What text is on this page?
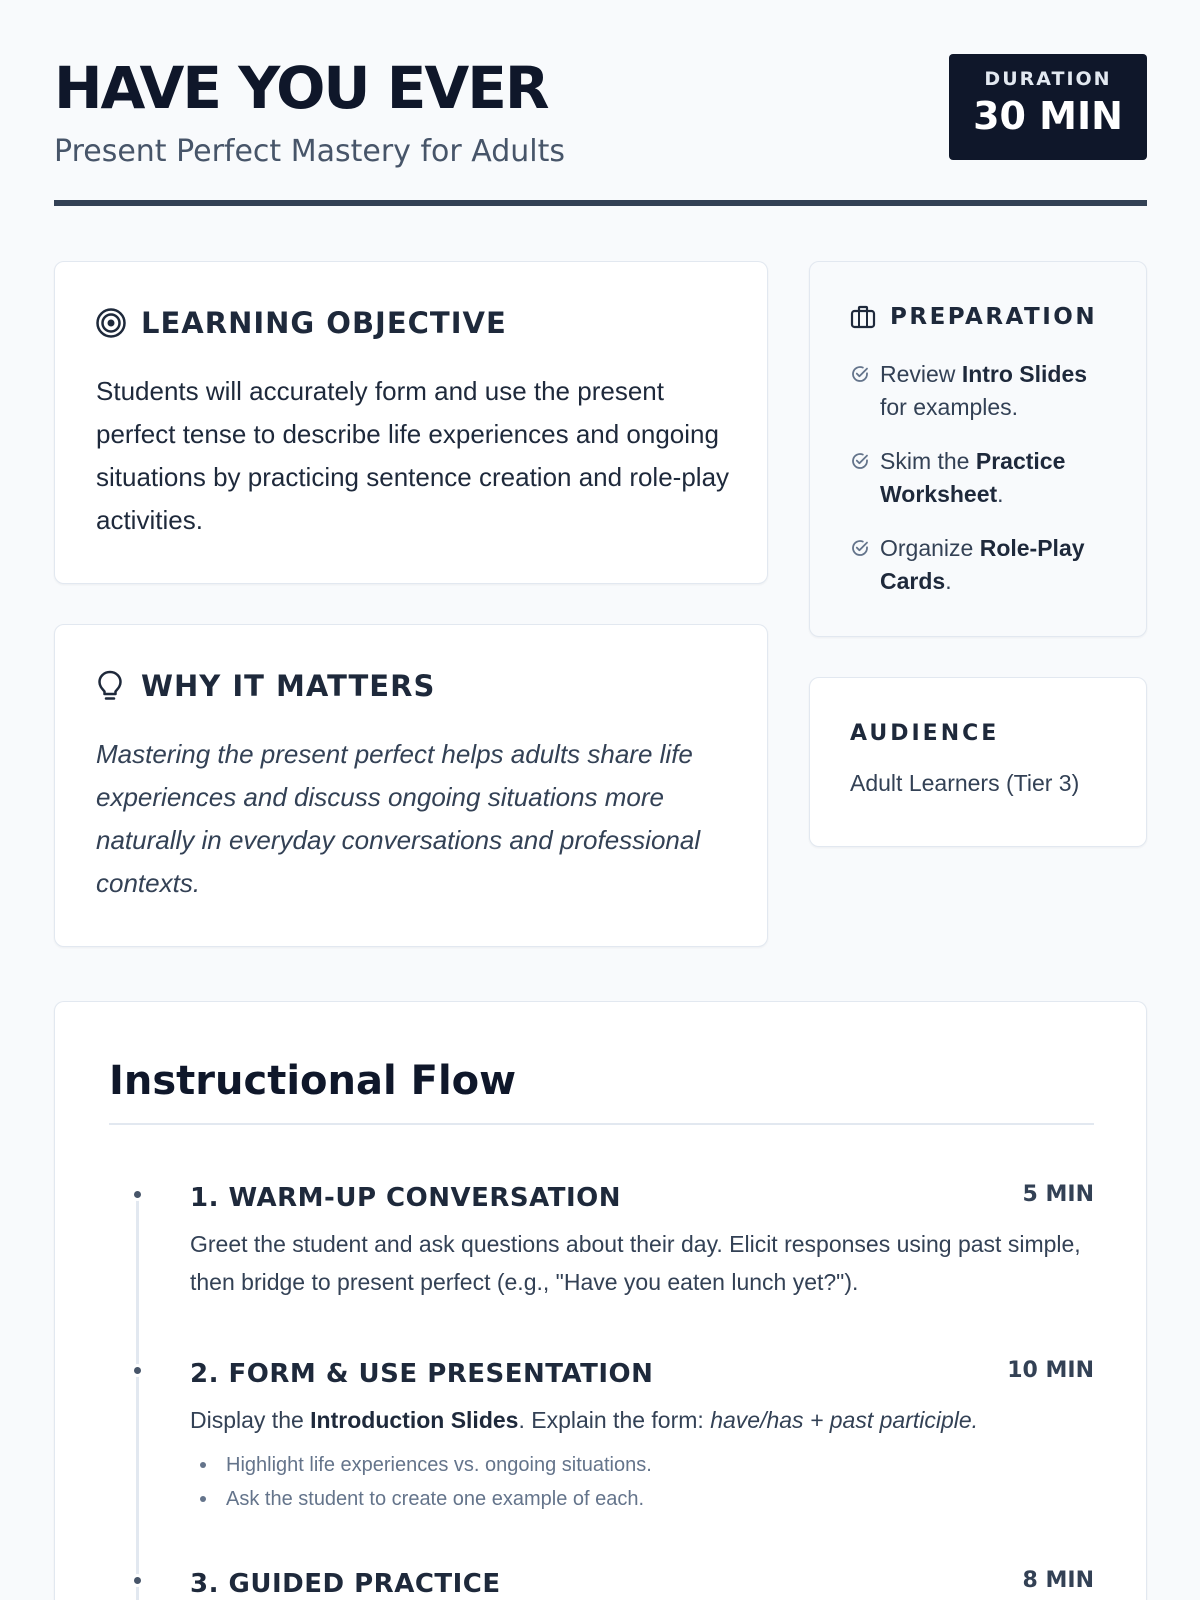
HAVE YOU EVER
Present Perfect Mastery for Adults
DURATION
30 MIN
LEARNING OBJECTIVE
Students will accurately form and use the present perfect tense to describe life experiences and ongoing situations by practicing sentence creation and role-play activities.
WHY IT MATTERS
Mastering the present perfect helps adults share life experiences and discuss ongoing situations more naturally in everyday conversations and professional contexts.
PREPARATION
Review Intro Slides for examples.
Skim the Practice Worksheet.
Organize Role-Play Cards.
AUDIENCE
Adult Learners (Tier 3)
Instructional Flow
1. WARM-UP CONVERSATION	5 MIN
Greet the student and ask questions about their day. Elicit responses using past simple, then bridge to present perfect (e.g., "Have you eaten lunch yet?").
2. FORM & USE PRESENTATION	10 MIN
Display the Introduction Slides. Explain the form: have/has + past participle.
Highlight life experiences vs. ongoing situations.
Ask the student to create one example of each.
3. GUIDED PRACTICE	8 MIN
